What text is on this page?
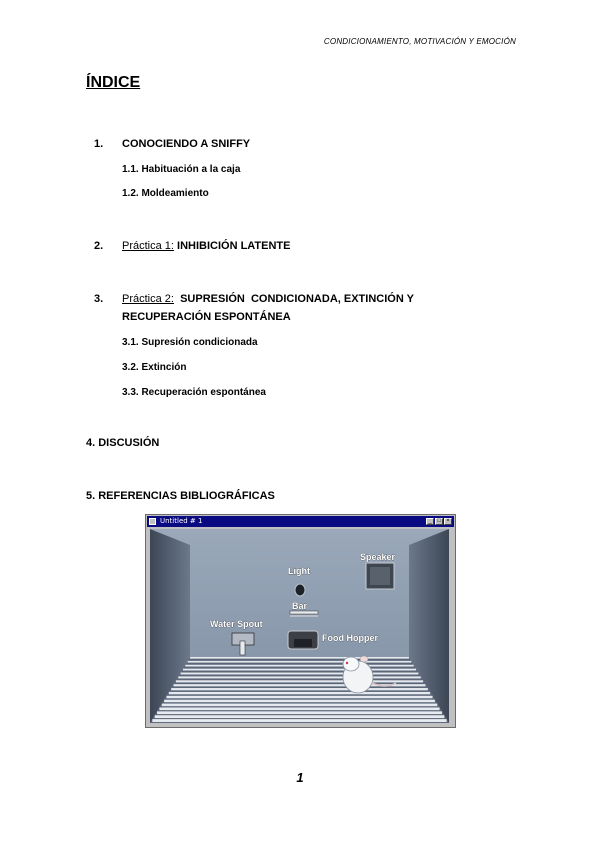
CONDICIONAMIENTO, MOTIVACIÓN Y EMOCIÓN
ÍNDICE
1. CONOCIENDO A SNIFFY
1.1. Habituación a la caja
1.2. Moldeamiento
2. Práctica 1: INHIBICIÓN LATENTE
3. Práctica 2:  SUPRESIÓN  CONDICIONADA, EXTINCIÓN Y
RECUPERACIÓN ESPONTÁNEA
3.1. Supresión condicionada
3.2. Extinción
3.3. Recuperación espontánea
4. DISCUSIÓN
5. REFERENCIAS BIBLIOGRÁFICAS
Untitled # 1	_ □ ×
Speaker
Light
Bar
Food Hopper
Water Spout
1
